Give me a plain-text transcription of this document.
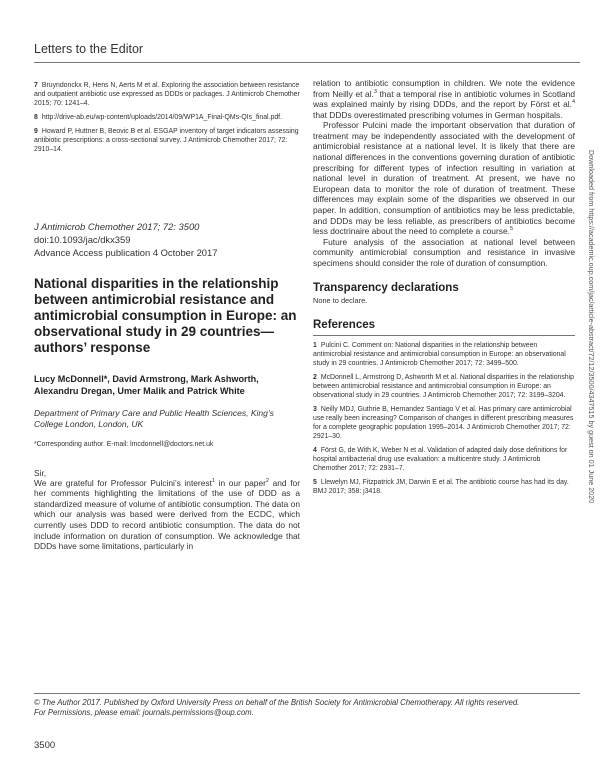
Letters to the Editor

7 Bruyndonckx R, Hens N, Aerts M et al. Exploring the association between resistance and outpatient antibiotic use expressed as DDDs or packages. J Antimicrob Chemother 2015; 70: 1241–4.

8 http://drive-ab.eu/wp-content/uploads/2014/09/WP1A_Final-QMs-QIs_final.pdf.

9 Howard P, Huttner B, Beovic B et al. ESGAP inventory of target indicators assessing antibiotic prescriptions: a cross-sectional survey. J Antimicrob Chemother 2017; 72: 2910–14.

J Antimicrob Chemother 2017; 72: 3500
doi:10.1093/jac/dkx359
Advance Access publication 4 October 2017
National disparities in the relationship between antimicrobial resistance and antimicrobial consumption in Europe: an observational study in 29 countries—authors’ response
Lucy McDonnell*, David Armstrong, Mark Ashworth, Alexandru Dregan, Umer Malik and Patrick White
Department of Primary Care and Public Health Sciences, King’s College London, London, UK
*Corresponding author. E-mail: lmcdonnell@doctors.net.uk
Sir,

We are grateful for Professor Pulcini’s interest$^1$ in our paper$^2$ and for her comments highlighting the limitations of the use of DDD as a standardized measure of volume of antibiotic consumption. The data on which our analysis was based were derived from the ECDC, which currently uses DDD to record antibiotic consumption. The data do not include information on duration of consumption. We acknowledge that DDDs have some limitations, particularly in

relation to antibiotic consumption in children. We note the evidence from Neilly et al.$^3$ that a temporal rise in antibiotic volumes in Scotland was explained mainly by rising DDDs, and the report by Först et al.$^4$ that DDDs overestimated prescribing volumes in German hospitals.

Professor Pulcini made the important observation that duration of treatment may be independently associated with the development of antimicrobial resistance at a national level. It is likely that there are national differences in the conventions governing duration of antibiotic prescribing for different types of infection resulting in variation at national level in duration of treatment. At present, we have no European data to monitor the role of duration of treatment. These differences may explain some of the disparities we observed in our paper. In addition, consumption of antibiotics may be less predictable, and DDDs may be less reliable, as prescribers of antibiotics become less doctrinaire about the need to complete a course.$^5$

Future analysis of the association at national level between community antimicrobial consumption and resistance in invasive specimens should consider the role of duration of consumption.

Transparency declarations

None to declare.

References

1 Pulcini C. Comment on: National disparities in the relationship between antimicrobial resistance and antimicrobial consumption in Europe: an observational study in 29 countries. J Antimicrob Chemother 2017; 72: 3499–500.

2 McDonnell L, Armstrong D, Ashworth M et al. National disparities in the relationship between antimicrobial resistance and antimicrobial consumption in Europe: an observational study in 29 countries. J Antimicrob Chemother 2017; 72: 3199–3204.

3 Neilly MDJ, Guthrie B, Hernandez Santiago V et al. Has primary care antimicrobial use really been increasing? Comparison of changes in different prescribing measures for a complete geographic population 1995–2014. J Antimicrob Chemother 2017; 72: 2921–30.

4 Först G, de With K, Weber N et al. Validation of adapted daily dose definitions for hospital antibacterial drug use evaluation: a multicentre study. J Antimicrob Chemother 2017; 72: 2931–7.

5 Llewelyn MJ, Fitzpatrick JM, Darwin E et al. The antibiotic course has had its day. BMJ 2017; 358: j3418.	Downloaded from https://academic.oup.com/jac/article-abstract/72/12/3500/4347515 by guest on 01 June 2020
© The Author 2017. Published by Oxford University Press on behalf of the British Society for Antimicrobial Chemotherapy. All rights reserved.
For Permissions, please email: journals.permissions@oup.com.
3500
